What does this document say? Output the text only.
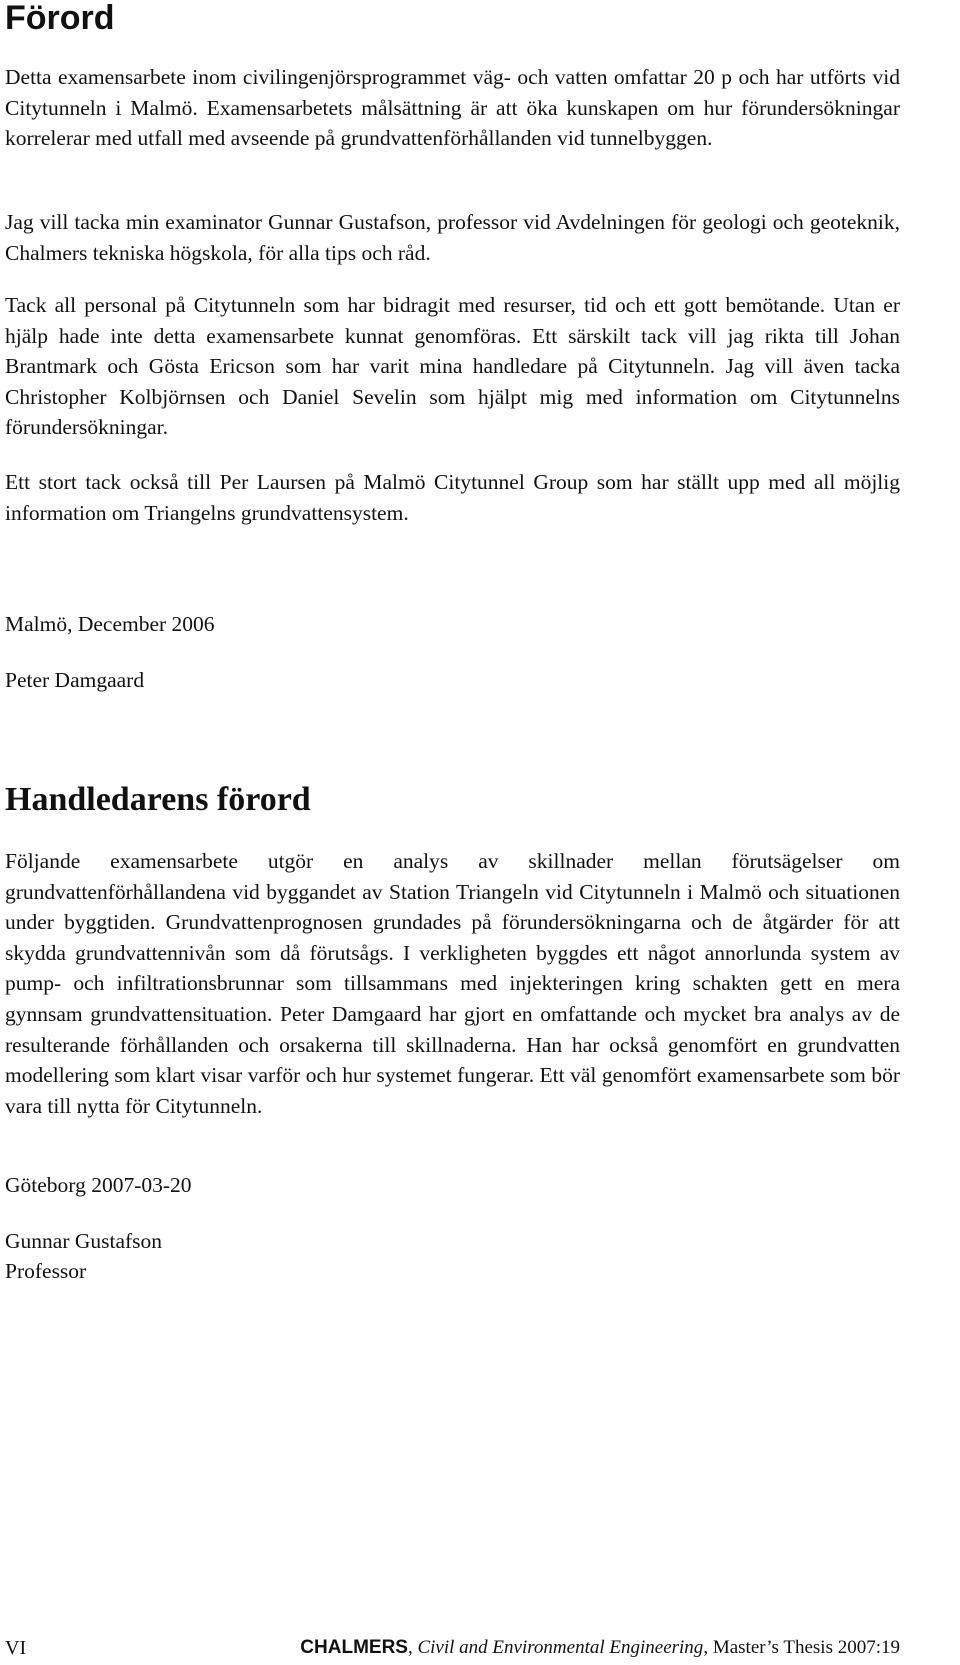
Förord

Detta examensarbete inom civilingenjörsprogrammet väg- och vatten omfattar 20 p och har utförts vid Citytunneln i Malmö. Examensarbetets målsättning är att öka kunskapen om hur förundersökningar korrelerar med utfall med avseende på grundvattenförhållanden vid tunnelbyggen.

Jag vill tacka min examinator Gunnar Gustafson, professor vid Avdelningen för geologi och geoteknik, Chalmers tekniska högskola, för alla tips och råd.

Tack all personal på Citytunneln som har bidragit med resurser, tid och ett gott bemötande. Utan er hjälp hade inte detta examensarbete kunnat genomföras. Ett särskilt tack vill jag rikta till Johan Brantmark och Gösta Ericson som har varit mina handledare på Citytunneln. Jag vill även tacka Christopher Kolbjörnsen och Daniel Sevelin som hjälpt mig med information om Citytunnelns förundersökningar.

Ett stort tack också till Per Laursen på Malmö Citytunnel Group som har ställt upp med all möjlig information om Triangelns grundvattensystem.

Malmö, December 2006

Peter Damgaard

Handledarens förord

Följande examensarbete utgör en analys av skillnader mellan förutsägelser om grundvattenförhållandena vid byggandet av Station Triangeln vid Citytunneln i Malmö och situationen under byggtiden. Grundvattenprognosen grundades på förundersökningarna och de åtgärder för att skydda grundvattennivån som då förutsågs. I verkligheten byggdes ett något annorlunda system av pump- och infiltrationsbrunnar som tillsammans med injekteringen kring schakten gett en mera gynnsam grundvattensituation. Peter Damgaard har gjort en omfattande och mycket bra analys av de resulterande förhållanden och orsakerna till skillnaderna. Han har också genomfört en grundvatten modellering som klart visar varför och hur systemet fungerar. Ett väl genomfört examensarbete som bör vara till nytta för Citytunneln.

Göteborg 2007-03-20

Gunnar Gustafson

Professor

VI	CHALMERS, Civil and Environmental Engineering, Master’s Thesis 2007:19
